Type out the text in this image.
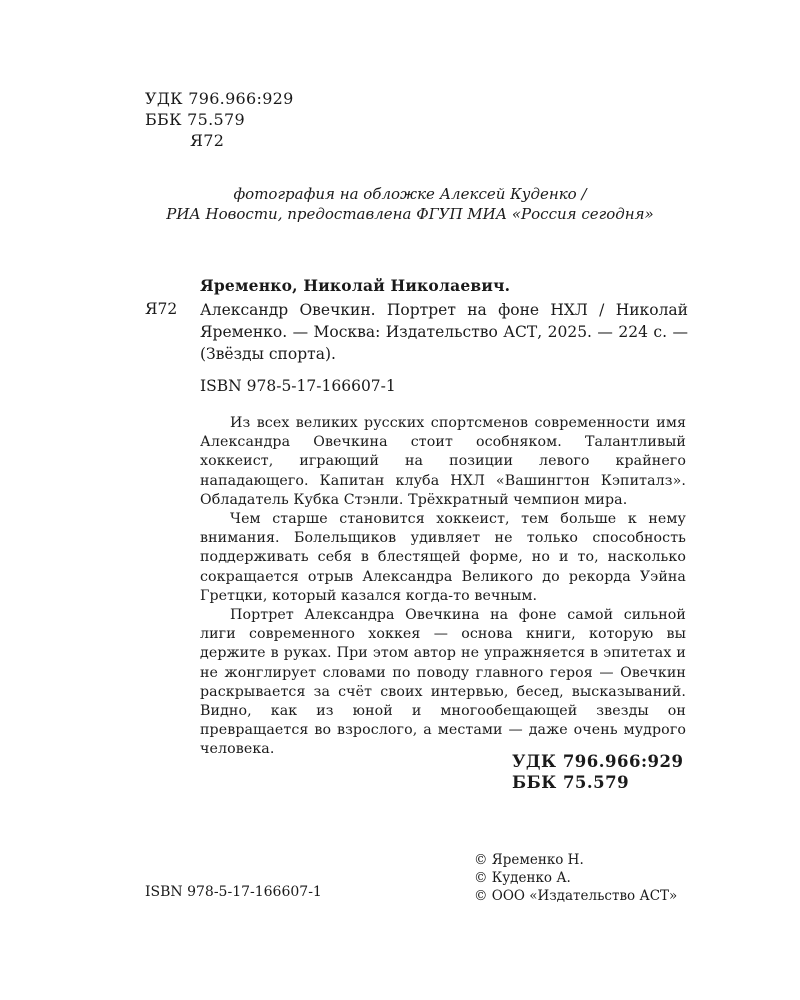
УДК 796.966:929
ББК 75.579
Я72
фотография на обложке Алексей Куденко /
РИА Новости, предоставлена ФГУП МИА «Россия сегодня»
Яременко, Николай Николаевич.
Я72 Александр Овечкин. Портрет на фоне НХЛ / Николай Яременко. — Москва: Издательство АСТ, 2025. — 224 с. — (Звёзды спорта).
ISBN 978-5-17-166607-1

Из всех великих русских спортсменов современности имя Александра Овечкина стоит особняком. Талантливый хоккеист, играющий на позиции левого крайнего нападающего. Капитан клуба НХЛ «Вашингтон Кэпиталз». Обладатель Кубка Стэнли. Трёхкратный чемпион мира.

Чем старше становится хоккеист, тем больше к нему внимания. Болельщиков удивляет не только способность поддерживать себя в блестящей форме, но и то, насколько сокращается отрыв Александра Великого до рекорда Уэйна Гретцки, который казался когда-то вечным.

Портрет Александра Овечкина на фоне самой сильной лиги современного хоккея — основа книги, которую вы держите в руках. При этом автор не упражняется в эпитетах и не жонглирует словами по поводу главного героя — Овечкин раскрывается за счёт своих интервью, бесед, высказываний. Видно, как из юной и многообещающей звезды он превращается во взрослого, а местами — даже очень мудрого человека.

УДК 796.966:929
ББК 75.579
© Яременко Н.
© Куденко А.
© ООО «Издательство АСТ»
ISBN 978-5-17-166607-1
